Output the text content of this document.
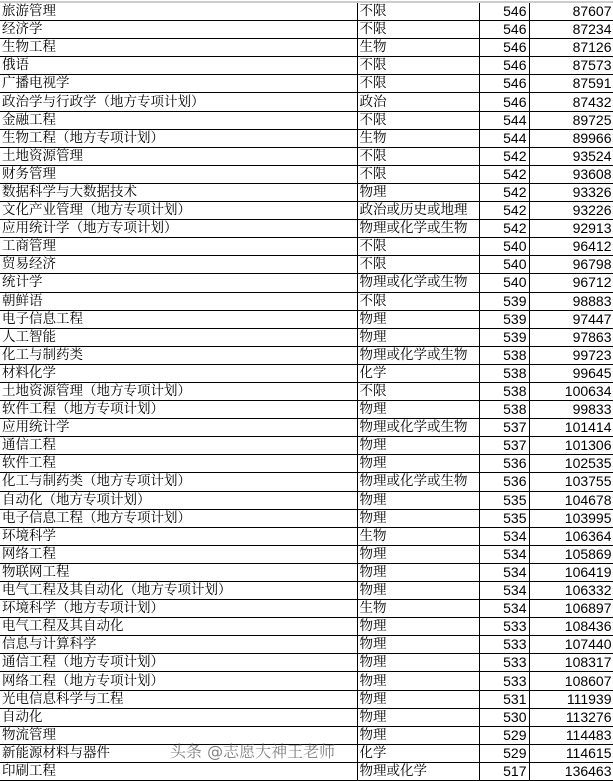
旅游管理	不限	546	87607
经济学	不限	546	87234
生物工程	生物	546	87126
俄语	不限	546	87573
广播电视学	不限	546	87591
政治学与行政学（地方专项计划）	政治	546	87432
金融工程	不限	544	89725
生物工程（地方专项计划）	生物	544	89966
土地资源管理	不限	542	93524
财务管理	不限	542	93608
数据科学与大数据技术	物理	542	93326
文化产业管理（地方专项计划）	政治或历史或地理	542	93226
应用统计学（地方专项计划）	物理或化学或生物	542	92913
工商管理	不限	540	96412
贸易经济	不限	540	96798
统计学	物理或化学或生物	540	96712
朝鲜语	不限	539	98883
电子信息工程	物理	539	97447
人工智能	物理	539	97863
化工与制药类	物理或化学或生物	538	99723
材料化学	化学	538	99645
土地资源管理（地方专项计划）	不限	538	100634
软件工程（地方专项计划）	物理	538	99833
应用统计学	物理或化学或生物	537	101414
通信工程	物理	537	101306
软件工程	物理	536	102535
化工与制药类（地方专项计划）	物理或化学或生物	536	103755
自动化（地方专项计划）	物理	535	104678
电子信息工程（地方专项计划）	物理	535	103995
环境科学	生物	534	106364
网络工程	物理	534	105869
物联网工程	物理	534	106419
电气工程及其自动化（地方专项计划）	物理	534	106332
环境科学（地方专项计划）	生物	534	106897
电气工程及其自动化	物理	533	108436
信息与计算科学	物理	533	107440
通信工程（地方专项计划）	物理	533	108317
网络工程（地方专项计划）	物理	533	108607
光电信息科学与工程	物理	531	111939
自动化	物理	530	113276
物流管理	物理	529	114483
新能源材料与器件	化学	529	114615
印刷工程	物理或化学	517	136463
头条 @志愿大神王老师
